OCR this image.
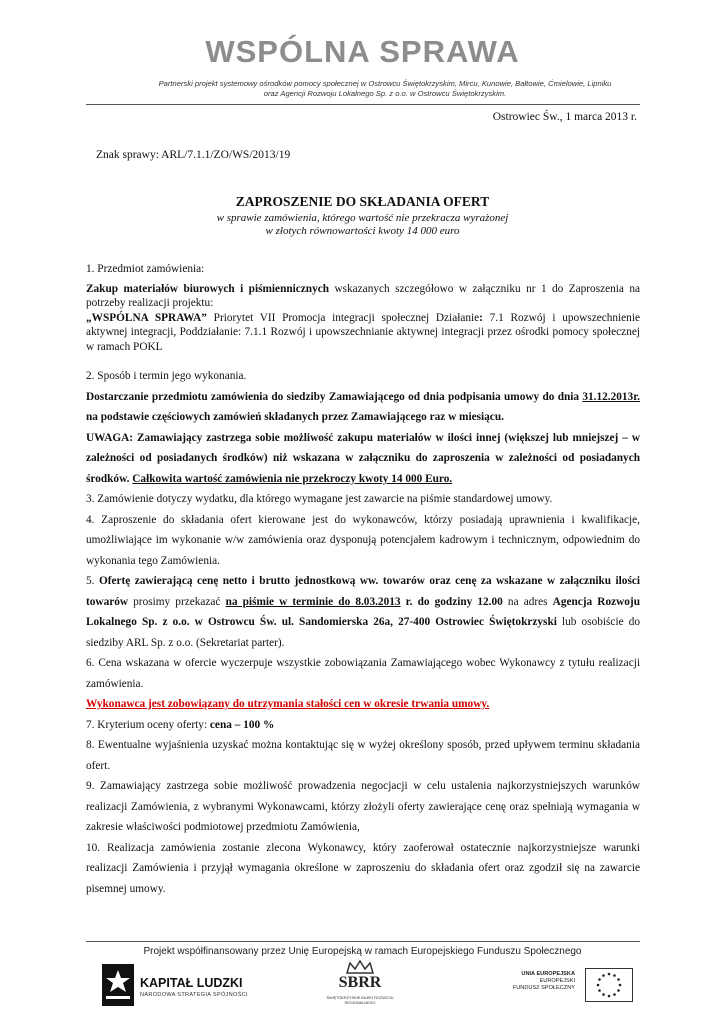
WSPÓLNA SPRAWA
Partnerski projekt systemowy ośrodków pomocy społecznej w Ostrowcu Świętokrzyskim, Mircu, Kunowie, Bałtowie, Ćmielowie, Lipniku
oraz Agencji Rozwoju Lokalnego Sp. z o.o. w Ostrowcu Świętokrzyskim.
Ostrowiec Św., 1 marca 2013 r.
Znak sprawy: ARL/7.1.1/ZO/WS/2013/19
ZAPROSZENIE DO SKŁADANIA OFERT
w sprawie zamówienia, którego wartość nie przekracza wyrażonej
w złotych równowartości kwoty 14 000 euro

1. Przedmiot zamówienia:

Zakup materiałów biurowych i piśmiennicznych wskazanych szczegółowo w załączniku nr 1 do Zaproszenia na potrzeby realizacji projektu:
„WSPÓLNA SPRAWA” Priorytet VII Promocja integracji społecznej Działanie: 7.1 Rozwój i upowszechnienie aktywnej integracji, Poddziałanie: 7.1.1 Rozwój i upowszechnianie aktywnej integracji przez ośrodki pomocy społecznej w ramach POKL

2. Sposób i termin jego wykonania.

Dostarczanie przedmiotu zamówienia do siedziby Zamawiającego od dnia podpisania umowy do dnia 31.12.2013r. na podstawie częściowych zamówień składanych przez Zamawiającego raz w miesiącu.

UWAGA: Zamawiający zastrzega sobie możliwość zakupu materiałów w ilości innej (większej lub mniejszej – w zależności od posiadanych środków) niż wskazana w załączniku do zaproszenia w zależności od posiadanych środków. Całkowita wartość zamówienia nie przekroczy kwoty 14 000 Euro.

3. Zamówienie dotyczy wydatku, dla którego wymagane jest zawarcie na piśmie standardowej umowy.

4. Zaproszenie do składania ofert kierowane jest do wykonawców, którzy posiadają uprawnienia i kwalifikacje, umożliwiające im wykonanie w/w zamówienia oraz dysponują potencjałem kadrowym i technicznym, odpowiednim do wykonania tego Zamówienia.

5. Ofertę zawierającą cenę netto i brutto jednostkową ww. towarów oraz cenę za wskazane w załączniku ilości towarów prosimy przekazać na piśmie w terminie do 8.03.2013 r. do godziny 12.00 na adres Agencja Rozwoju Lokalnego Sp. z o.o. w Ostrowcu Św. ul. Sandomierska 26a, 27-400 Ostrowiec Świętokrzyski lub osobiście do siedziby ARL Sp. z o.o. (Sekretariat parter).

6. Cena wskazana w ofercie wyczerpuje wszystkie zobowiązania Zamawiającego wobec Wykonawcy z tytułu realizacji zamówienia.

Wykonawca jest zobowiązany do utrzymania stałości cen w okresie trwania umowy.

7. Kryterium oceny oferty: cena – 100 %

8. Ewentualne wyjaśnienia uzyskać można kontaktując się w wyżej określony sposób, przed upływem terminu składania ofert.

9. Zamawiający zastrzega sobie możliwość prowadzenia negocjacji w celu ustalenia najkorzystniejszych warunków realizacji Zamówienia, z wybranymi Wykonawcami, którzy złożyli oferty zawierające cenę oraz spełniają wymagania w zakresie właściwości podmiotowej przedmiotu Zamówienia,

10. Realizacja zamówienia zostanie zlecona Wykonawcy, który zaoferował ostatecznie najkorzystniejsze warunki realizacji Zamówienia i przyjął wymagania określone w zaproszeniu do składania ofert oraz zgodził się na zawarcie pisemnej umowy.

Projekt współfinansowany przez Unię Europejską w ramach Europejskiego Funduszu Społecznego
KAPITAŁ LUDZKI
NARODOWA STRATEGIA SPÓJNOŚCI
SBRR
ŚWIĘTOKRZYSKIE BIURO ROZWOJU REGIONALNEGO
UNIA EUROPEJSKA
EUROPEJSKI
FUNDUSZ SPOŁECZNY
